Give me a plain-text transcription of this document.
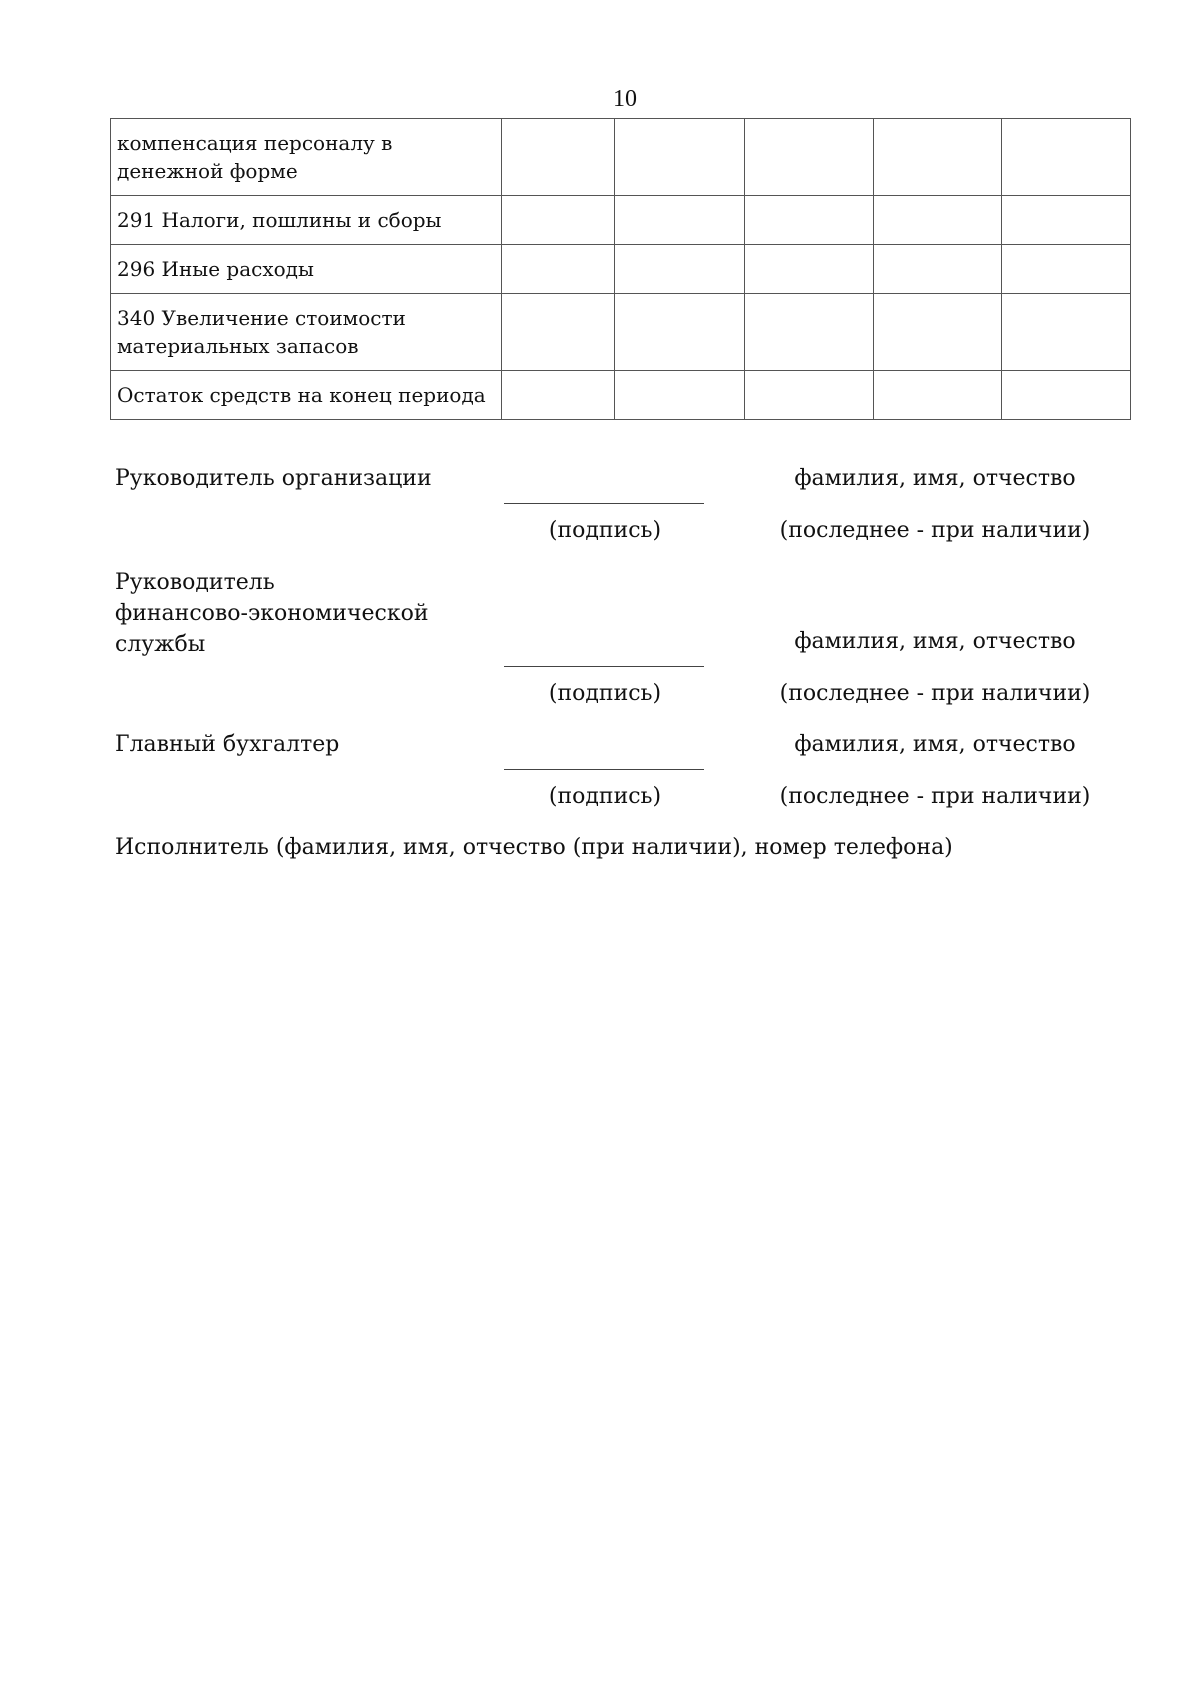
10
компенсация персоналу в денежной форме					
291 Налоги, пошлины и сборы					
296 Иные расходы					
340 Увеличение стоимости материальных запасов					
Остаток средств на конец периода					
Руководитель организации	фамилия, имя, отчество
(подпись)	(последнее - при наличии)
Руководитель
финансово-экономической
службы	фамилия, имя, отчество
(подпись)	(последнее - при наличии)
Главный бухгалтер	фамилия, имя, отчество
(подпись)	(последнее - при наличии)
Исполнитель (фамилия, имя, отчество (при наличии), номер телефона)
